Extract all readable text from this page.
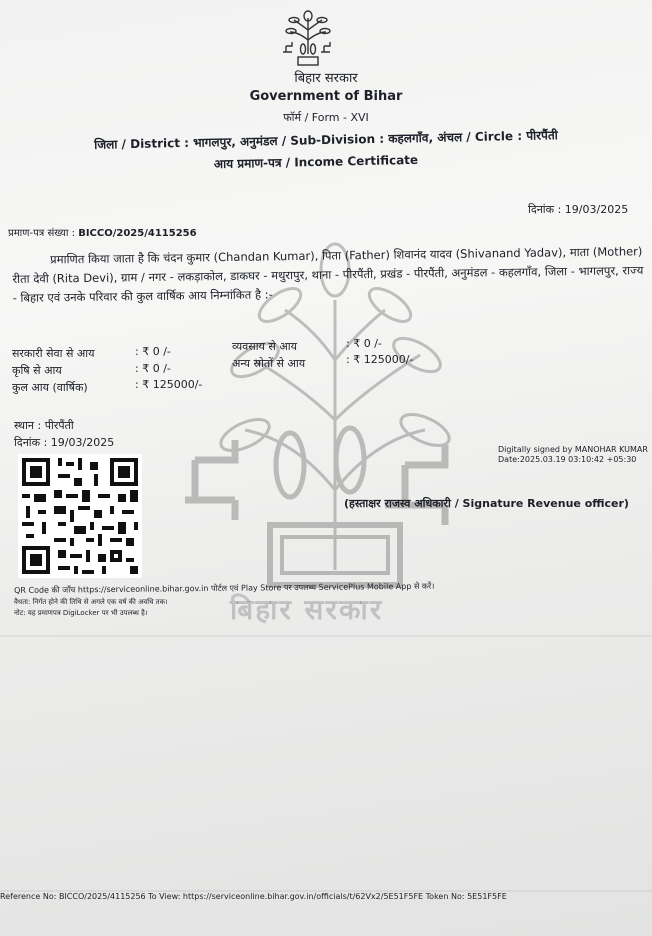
बिहार सरकार
Government of Bihar
फॉर्म / Form - XVI
जिला / District : भागलपुर, अनुमंडल / Sub-Division : कहलगाँव, अंचल / Circle : पीरपैंती
आय प्रमाण-पत्र / Income Certificate
दिनांक : 19/03/2025
प्रमाण-पत्र संख्या : BICCO/2025/4115256
प्रमाणित किया जाता है कि चंदन कुमार (Chandan Kumar), पिता (Father) शिवानंद यादव (Shivanand Yadav), माता (Mother) रीता देवी (Rita Devi), ग्राम / नगर - लकड़ाकोल, डाकघर - मथुरापुर, थाना - पीरपैंती, प्रखंड - पीरपैंती, अनुमंडल - कहलगाँव, जिला - भागलपुर, राज्य - बिहार एवं उनके परिवार की कुल वार्षिक आय निम्नांकित है :-
सरकारी सेवा से आय	: ₹ 0 /-
कृषि से आय	: ₹ 0 /-
कुल आय (वार्षिक)	: ₹ 125000/-
व्यवसाय से आय	: ₹ 0 /-
अन्य स्रोतों से आय	: ₹ 125000/-
स्थान : पीरपैंती
दिनांक : 19/03/2025
Digitally signed by MANOHAR KUMAR
Date:2025.03.19 03:10:42 +05:30
(हस्ताक्षर राजस्व अधिकारी / Signature Revenue officer)
QR Code की जाँच https://serviceonline.bihar.gov.in पोर्टल एवं Play Store पर उपलब्ध ServicePlus Mobile App से करें।
वैधता: निर्गत होने की तिथि से अगले एक वर्ष की अवधि तक।
नोट: यह प्रमाणपत्र DigiLocker पर भी उपलब्ध है।	बिहार सरकार
Reference No: BICCO/2025/4115256 To View: https://serviceonline.bihar.gov.in/officials/t/62Vx2/5E51F5FE Token No: 5E51F5FE
